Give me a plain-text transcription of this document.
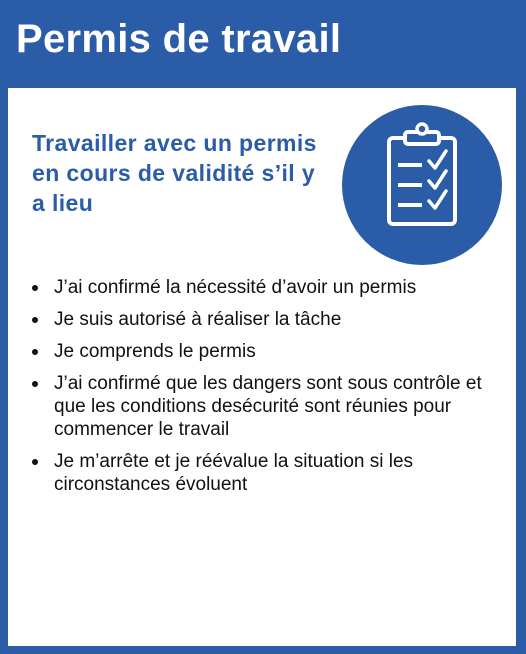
Permis de travail
Travailler avec un permis en cours de validité s’il y a lieu
J’ai confirmé la nécessité d’avoir un permis
Je suis autorisé à réaliser la tâche
Je comprends le permis
J’ai confirmé que les dangers sont sous contrôle et que les conditions desécurité sont réunies pour commencer le travail
Je m’arrête et je réévalue la situation si les circonstances évoluent
